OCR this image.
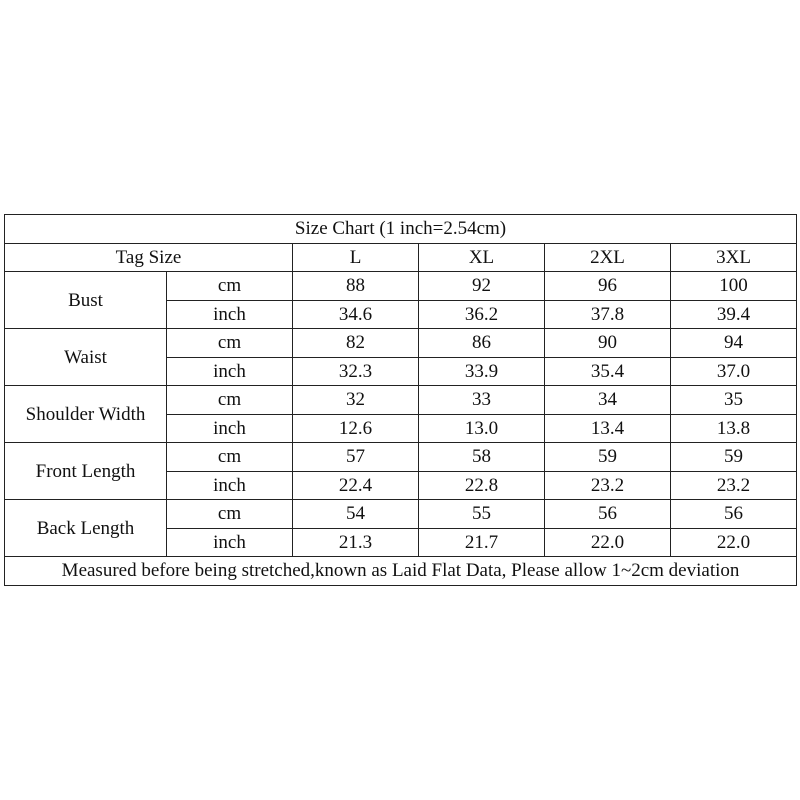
Size Chart (1 inch=2.54cm)					
Tag Size		L	XL	2XL	3XL
Bust	cm	88	92	96	100
	inch	34.6	36.2	37.8	39.4
Waist	cm	82	86	90	94
	inch	32.3	33.9	35.4	37.0
Shoulder Width	cm	32	33	34	35
	inch	12.6	13.0	13.4	13.8
Front Length	cm	57	58	59	59
	inch	22.4	22.8	23.2	23.2
Back Length	cm	54	55	56	56
	inch	21.3	21.7	22.0	22.0
Measured before being stretched,known as Laid Flat Data, Please allow 1~2cm deviation					
